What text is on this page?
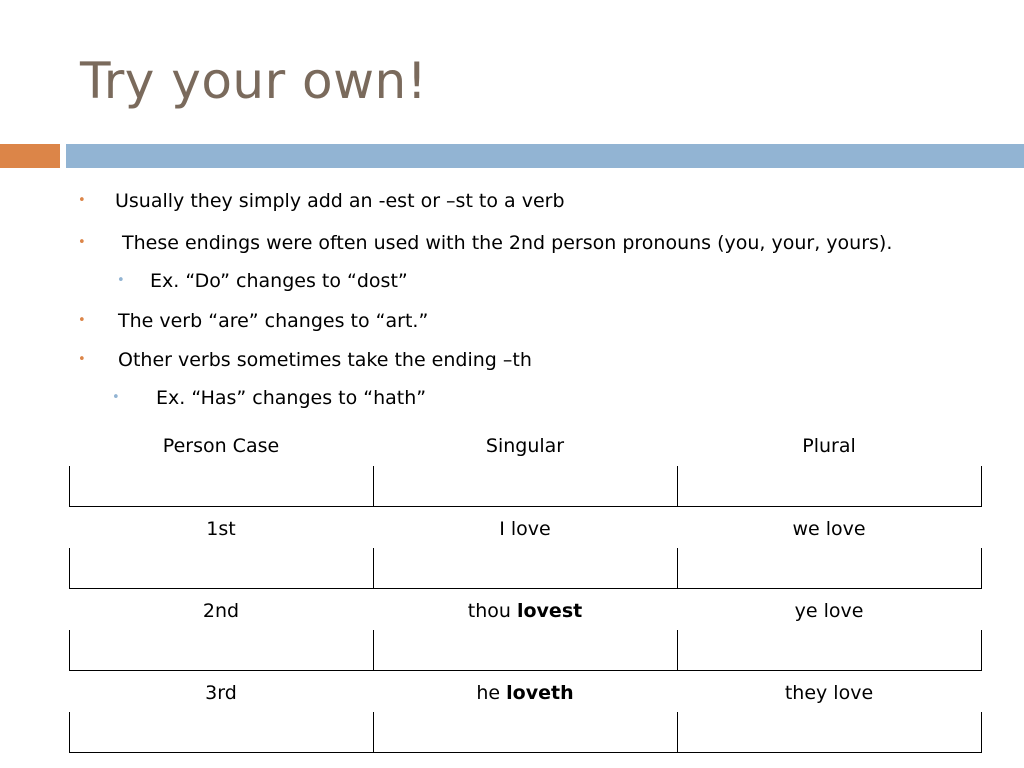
Try your own!
• Usually they simply add an -est or –st to a verb
• These endings were often used with the 2nd person pronouns (you, your, yours).
• Ex. “Do” changes to “dost”
• The verb “are” changes to “art.”
• Other verbs sometimes take the ending –th
• Ex. “Has” changes to “hath”
Person Case	Singular	Plural
1st	I love	we love
2nd	thou lovest	ye love
3rd	he loveth	they love
